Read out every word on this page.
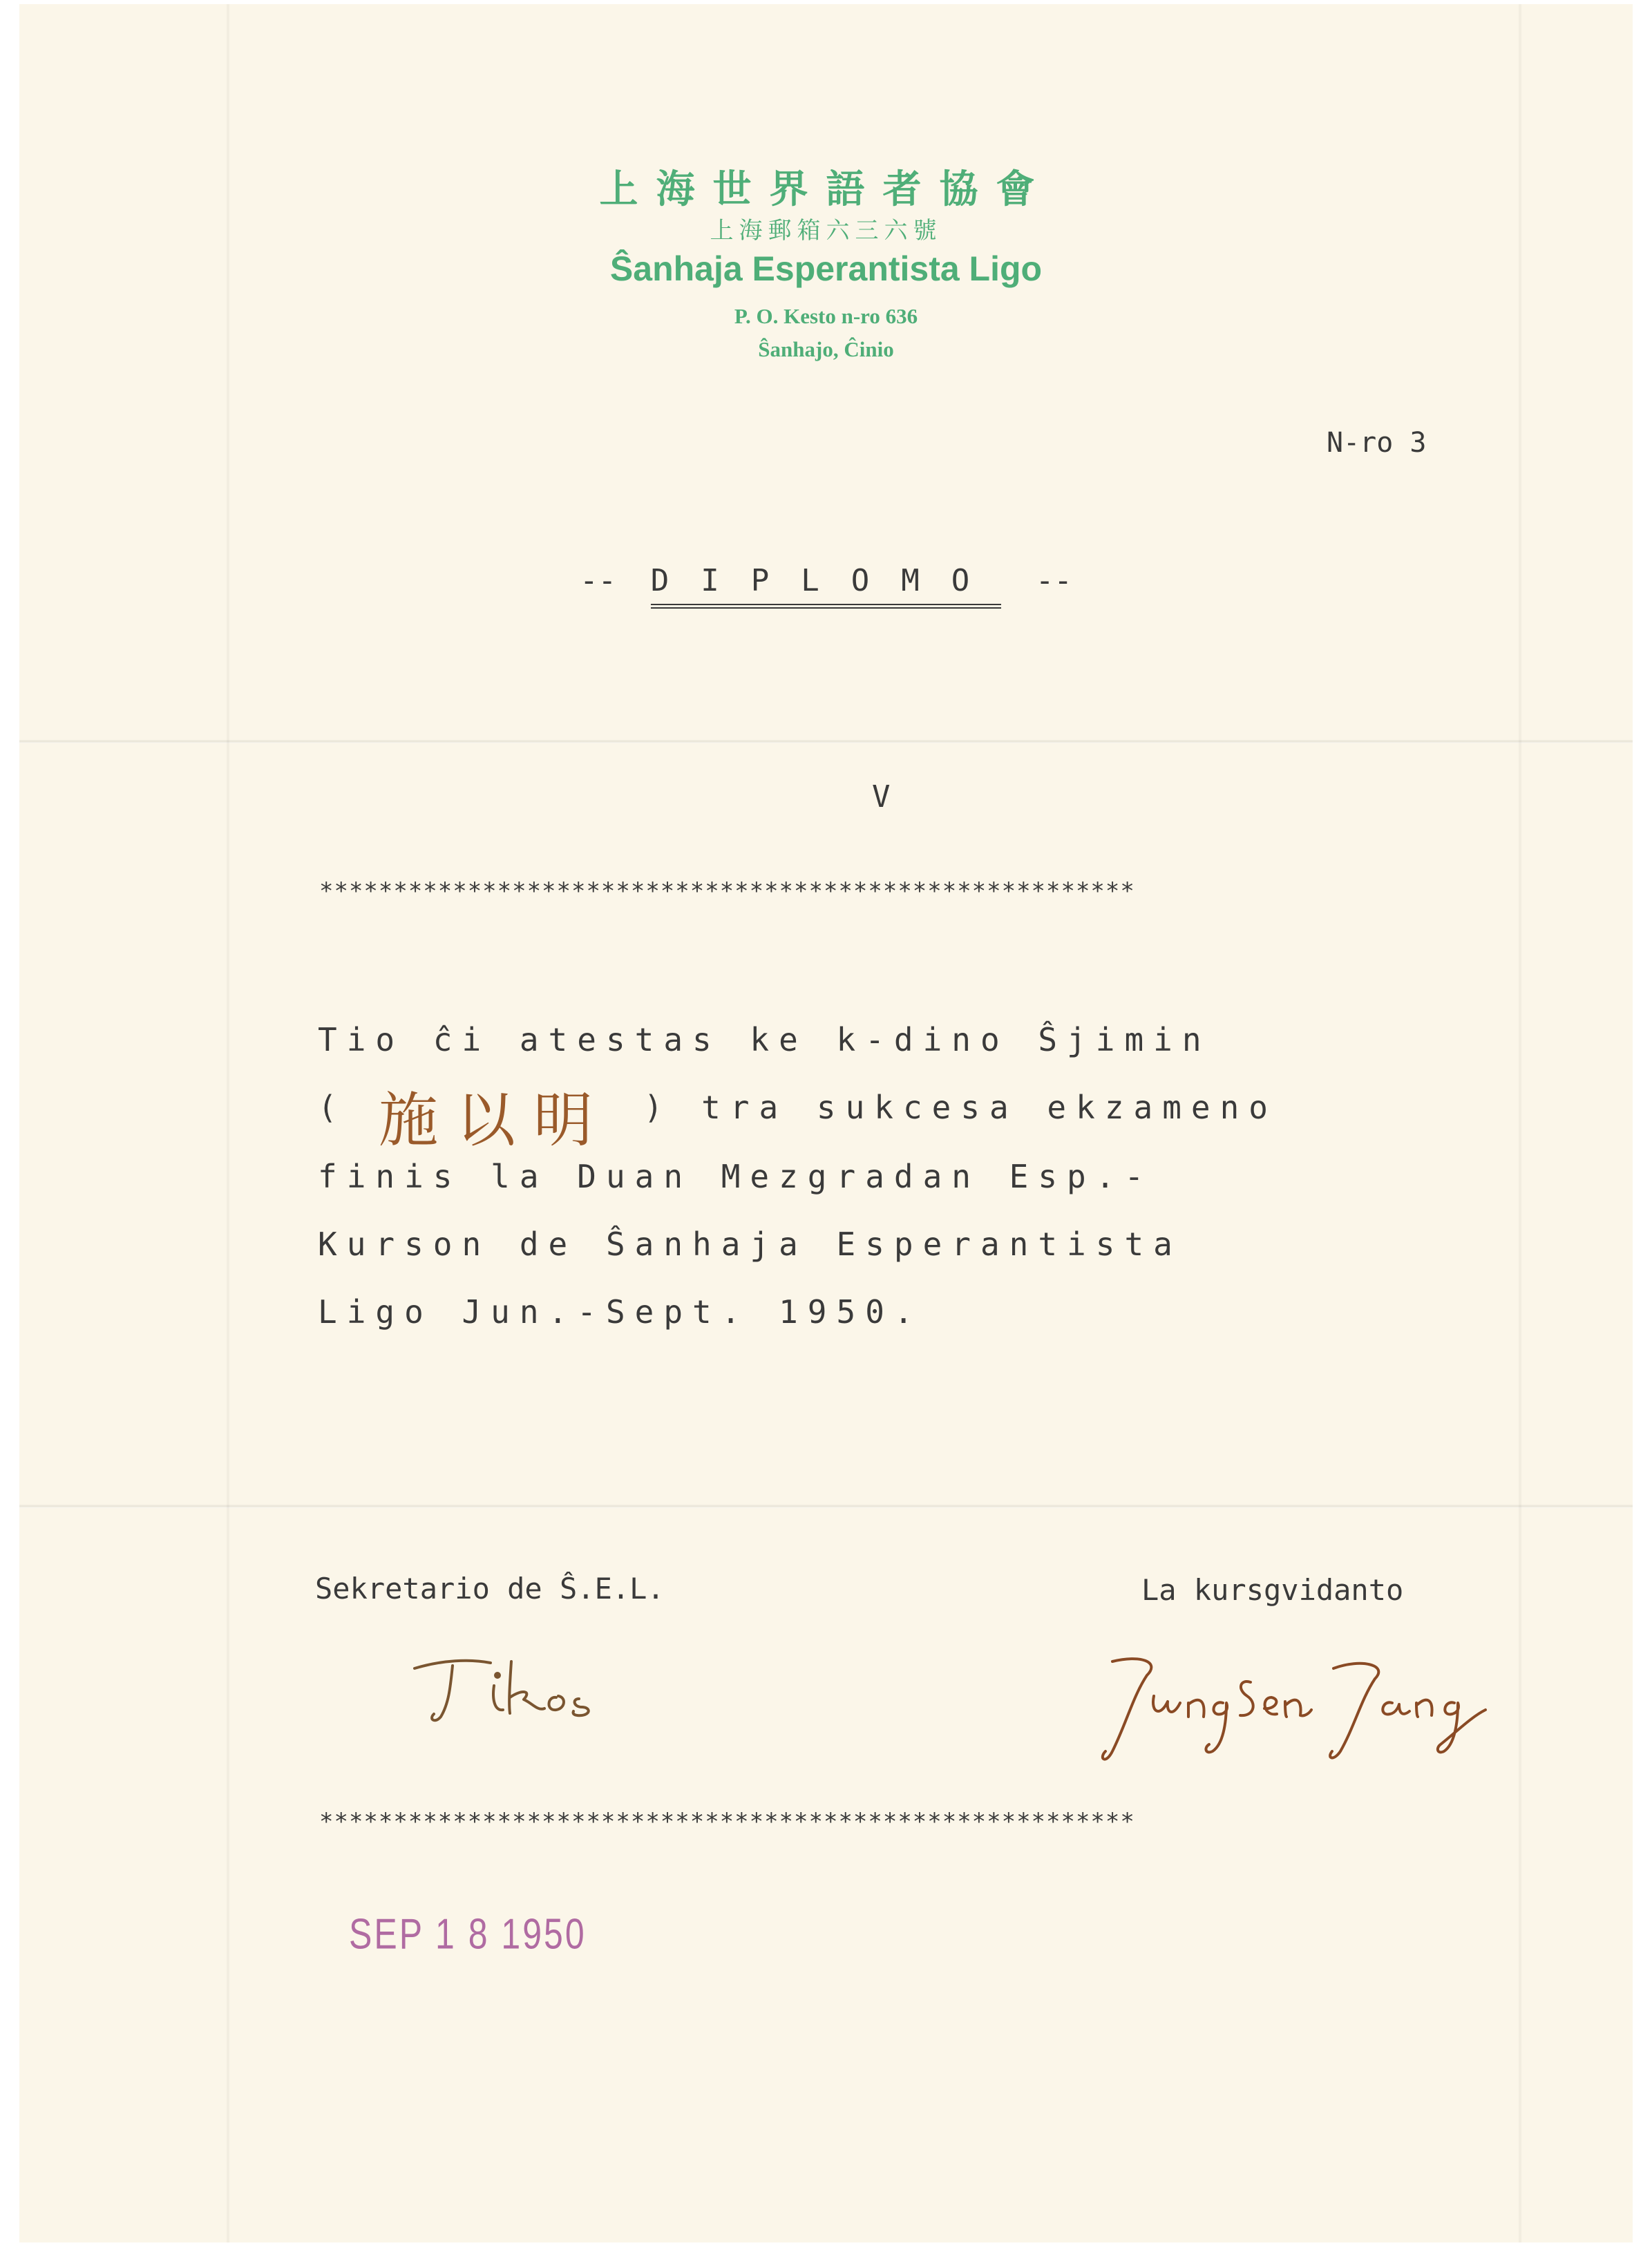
上海世界語者協會
上海郵箱六三六號
Ŝanhaja Esperantista Ligo
P. O. Kesto n-ro 636
Ŝanhajo, Ĉinio
N-ro 3
-- DIPLOMO --
V
*******************************************************
Tio ĉi atestas ke k-dino Ŝjimin
(	) tra sukcesa ekzameno
施以明
finis la Duan Mezgradan Esp.-
Kurson de Ŝanhaja Esperantista
Ligo Jun.-Sept. 1950.
Sekretario de Ŝ.E.L.	La kursgvidanto
*******************************************************
SEP 1 8 1950
